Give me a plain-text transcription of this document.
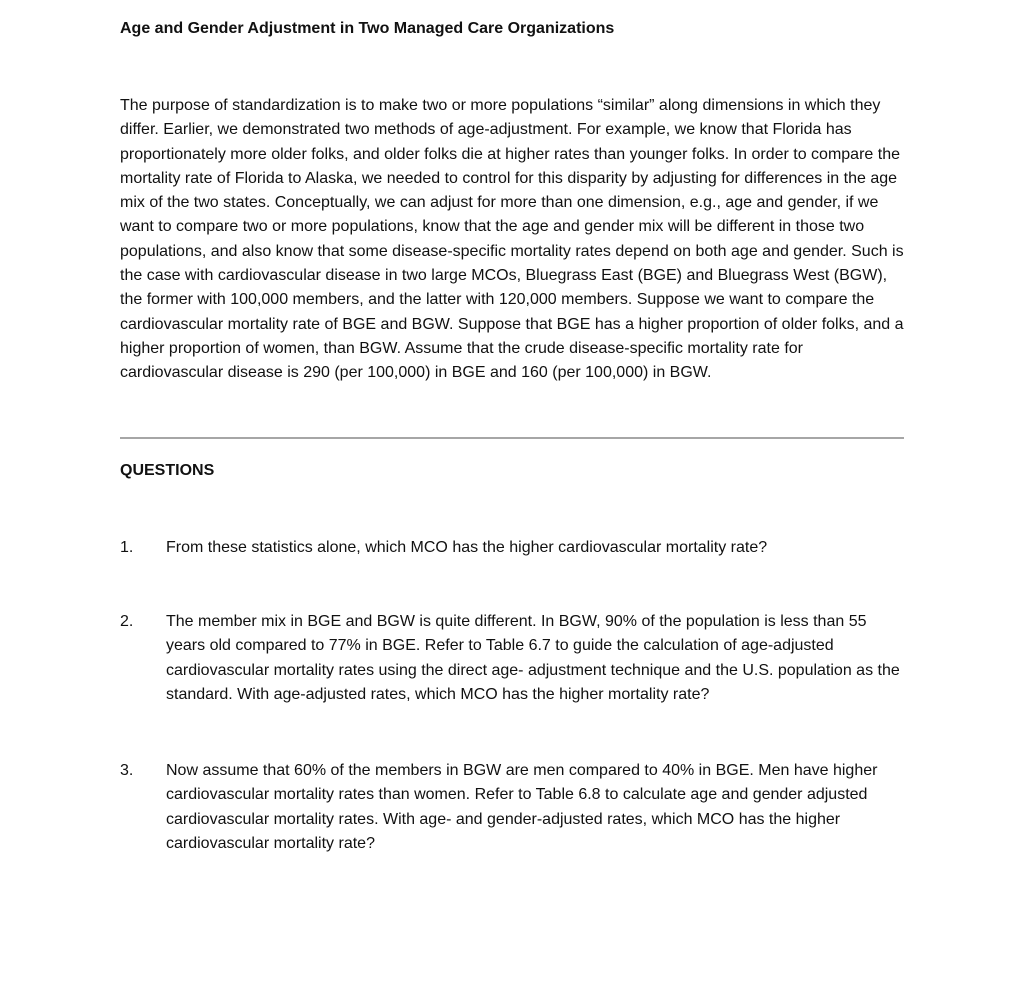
Age and Gender Adjustment in Two Managed Care Organizations

The purpose of standardization is to make two or more populations “similar” along dimensions in which they differ. Earlier, we demonstrated two methods of age-adjustment. For example, we know that Florida has proportionately more older folks, and older folks die at higher rates than younger folks. In order to compare the mortality rate of Florida to Alaska, we needed to control for this disparity by adjusting for differences in the age mix of the two states. Conceptually, we can adjust for more than one dimension, e.g., age and gender, if we want to compare two or more populations, know that the age and gender mix will be different in those two populations, and also know that some disease-specific mortality rates depend on both age and gender. Such is the case with cardiovascular disease in two large MCOs, Bluegrass East (BGE) and Bluegrass West (BGW), the former with 100,000 members, and the latter with 120,000 members. Suppose we want to compare the cardiovascular mortality rate of BGE and BGW. Suppose that BGE has a higher proportion of older folks, and a higher proportion of women, than BGW. Assume that the crude disease-specific mortality rate for cardiovascular disease is 290 (per 100,000) in BGE and 160 (per 100,000) in BGW.

QUESTIONS
1.	From these statistics alone, which MCO has the higher cardiovascular mortality rate?
2.	The member mix in BGE and BGW is quite different. In BGW, 90% of the population is less than 55 years old compared to 77% in BGE. Refer to Table 6.7 to guide the calculation of age-adjusted cardiovascular mortality rates using the direct age- adjustment technique and the U.S. population as the standard. With age-adjusted rates, which MCO has the higher mortality rate?
3.	Now assume that 60% of the members in BGW are men compared to 40% in BGE. Men have higher cardiovascular mortality rates than women. Refer to Table 6.8 to calculate age and gender adjusted cardiovascular mortality rates. With age- and gender-adjusted rates, which MCO has the higher cardiovascular mortality rate?
